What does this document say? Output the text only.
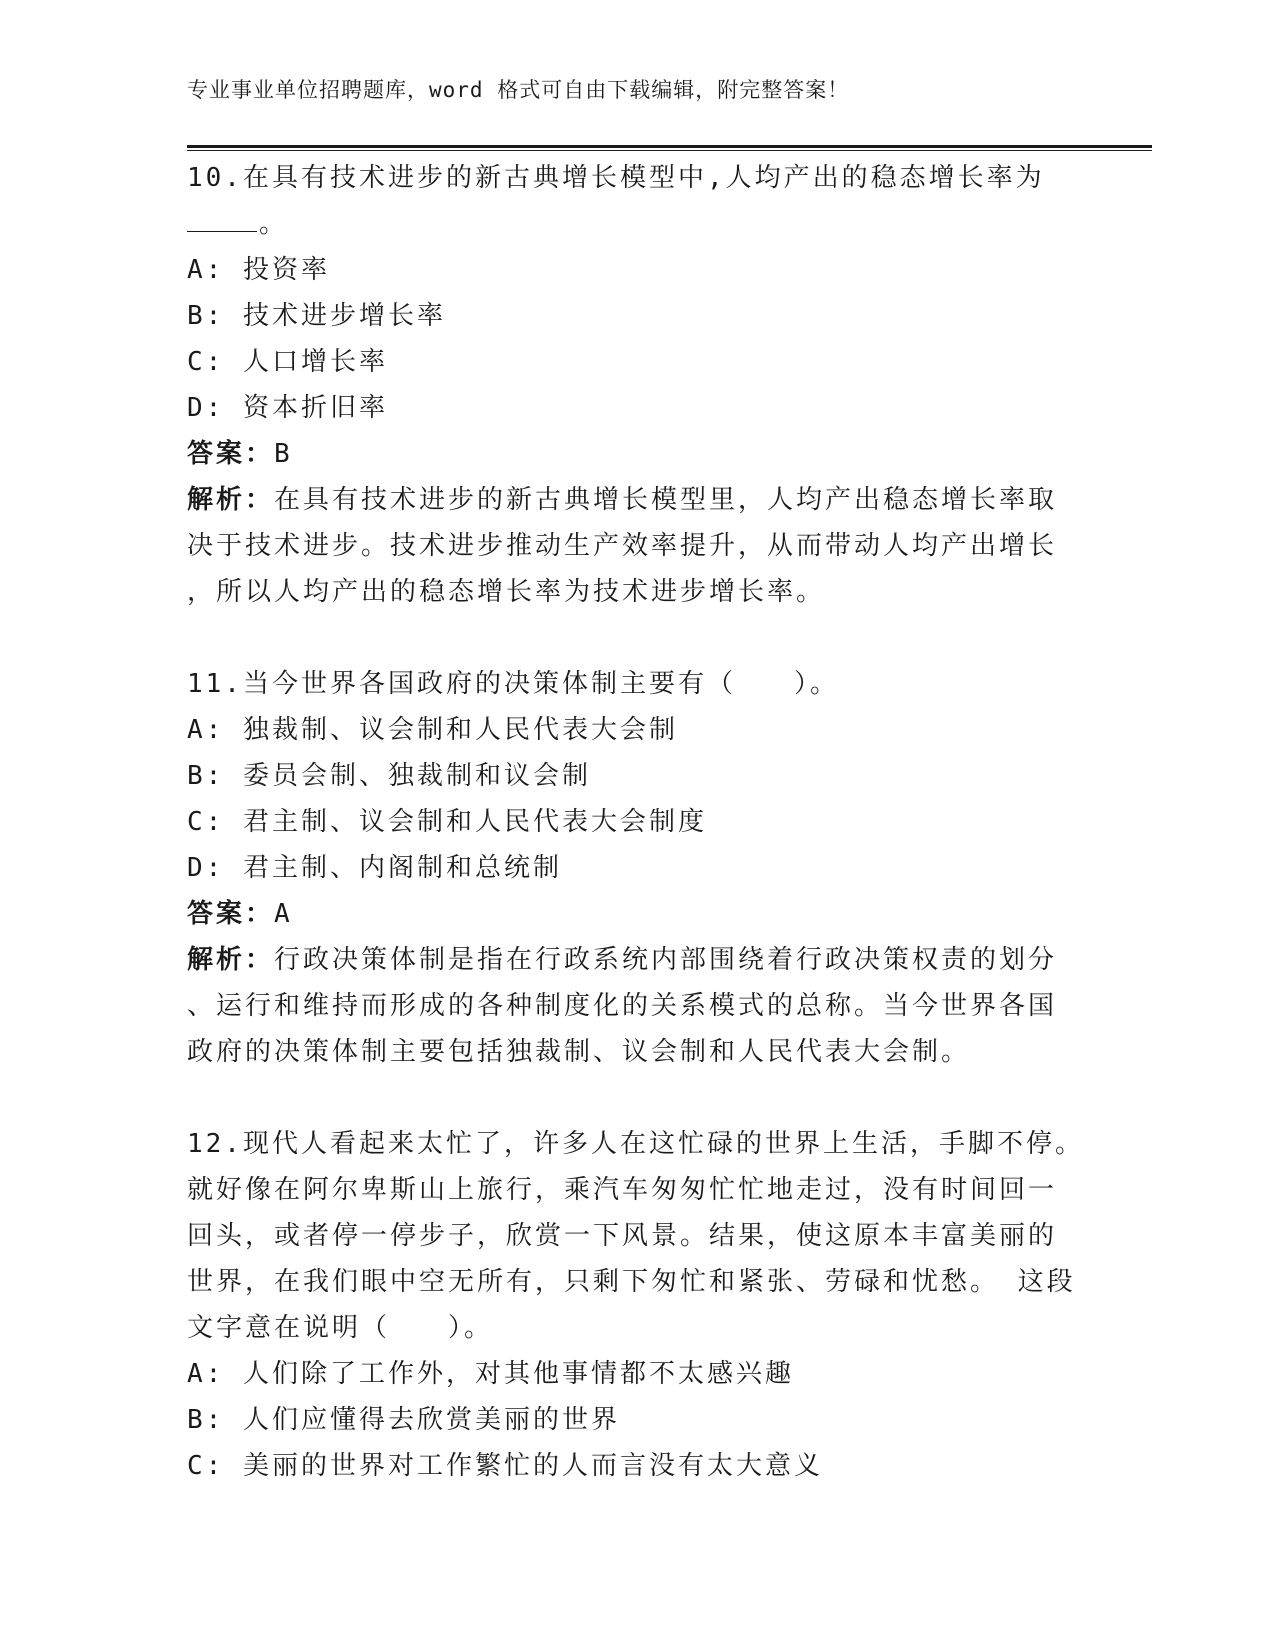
专业事业单位招聘题库，word 格式可自由下载编辑，附完整答案！
10.在具有技术进步的新古典增长模型中,人均产出的稳态增长率为
。
A: 投资率
B: 技术进步增长率
C: 人口增长率
D: 资本折旧率
答案：B
解析：在具有技术进步的新古典增长模型里，人均产出稳态增长率取
决于技术进步。技术进步推动生产效率提升，从而带动人均产出增长
，所以人均产出的稳态增长率为技术进步增长率。
11.当今世界各国政府的决策体制主要有（　　）。
A: 独裁制、议会制和人民代表大会制
B: 委员会制、独裁制和议会制
C: 君主制、议会制和人民代表大会制度
D: 君主制、内阁制和总统制
答案：A
解析：行政决策体制是指在行政系统内部围绕着行政决策权责的划分
、运行和维持而形成的各种制度化的关系模式的总称。当今世界各国
政府的决策体制主要包括独裁制、议会制和人民代表大会制。
12.现代人看起来太忙了，许多人在这忙碌的世界上生活，手脚不停。
就好像在阿尔卑斯山上旅行，乘汽车匆匆忙忙地走过，没有时间回一
回头，或者停一停步子，欣赏一下风景。结果，使这原本丰富美丽的
世界，在我们眼中空无所有，只剩下匆忙和紧张、劳碌和忧愁。 这段
文字意在说明（　　）。
A: 人们除了工作外，对其他事情都不太感兴趣
B: 人们应懂得去欣赏美丽的世界
C: 美丽的世界对工作繁忙的人而言没有太大意义
